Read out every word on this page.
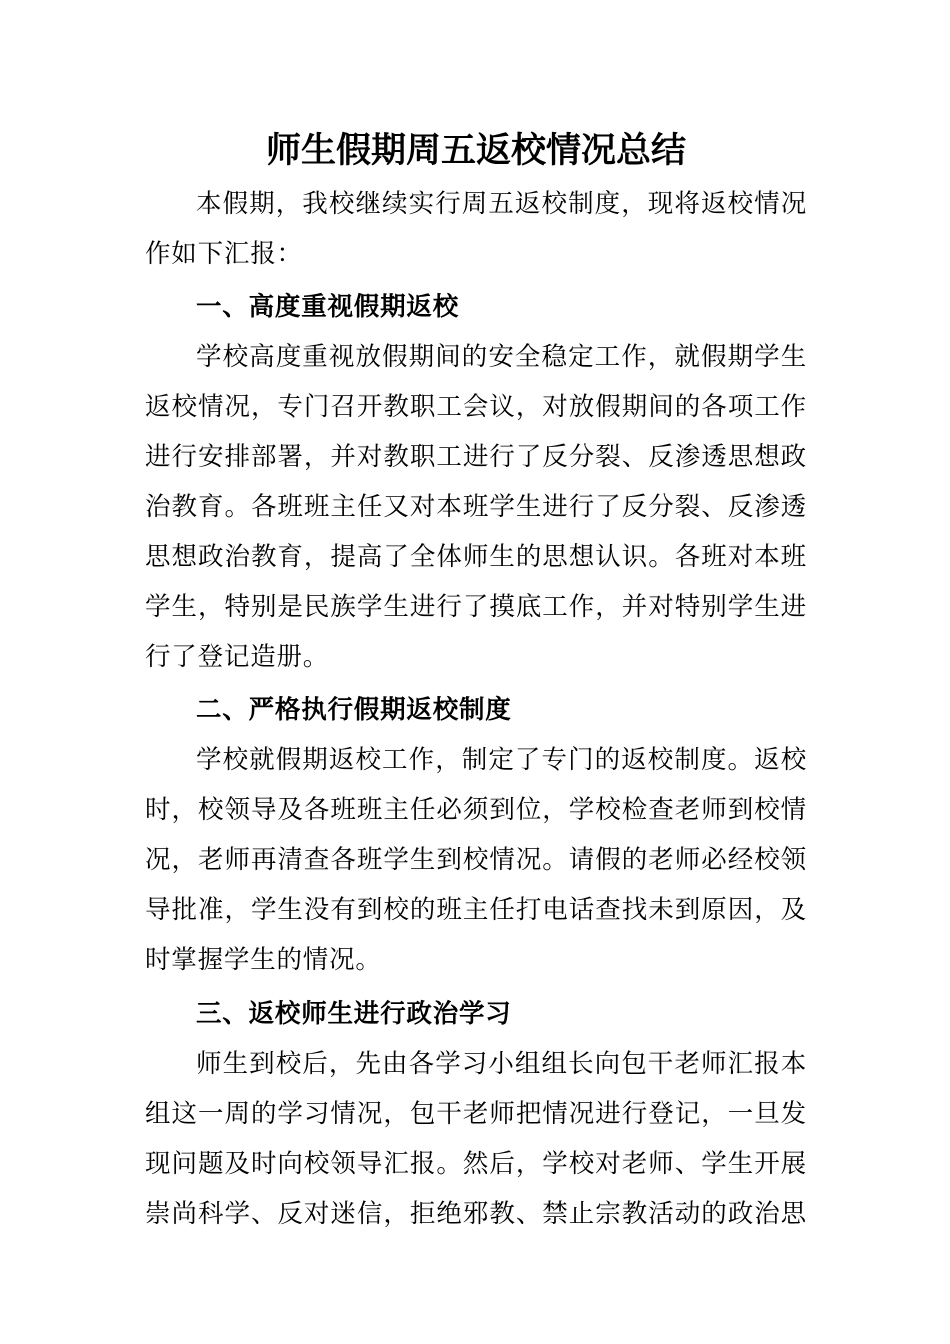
师生假期周五返校情况总结
本假期，我校继续实行周五返校制度，现将返校情况
作如下汇报：
一、高度重视假期返校
学校高度重视放假期间的安全稳定工作，就假期学生
返校情况，专门召开教职工会议，对放假期间的各项工作
进行安排部署，并对教职工进行了反分裂、反渗透思想政
治教育。各班班主任又对本班学生进行了反分裂、反渗透
思想政治教育，提高了全体师生的思想认识。各班对本班
学生，特别是民族学生进行了摸底工作，并对特别学生进
行了登记造册。
二、严格执行假期返校制度
学校就假期返校工作，制定了专门的返校制度。返校
时，校领导及各班班主任必须到位，学校检查老师到校情
况，老师再清查各班学生到校情况。请假的老师必经校领
导批准，学生没有到校的班主任打电话查找未到原因，及
时掌握学生的情况。
三、返校师生进行政治学习
师生到校后，先由各学习小组组长向包干老师汇报本
组这一周的学习情况，包干老师把情况进行登记，一旦发
现问题及时向校领导汇报。然后，学校对老师、学生开展
崇尚科学、反对迷信，拒绝邪教、禁止宗教活动的政治思
